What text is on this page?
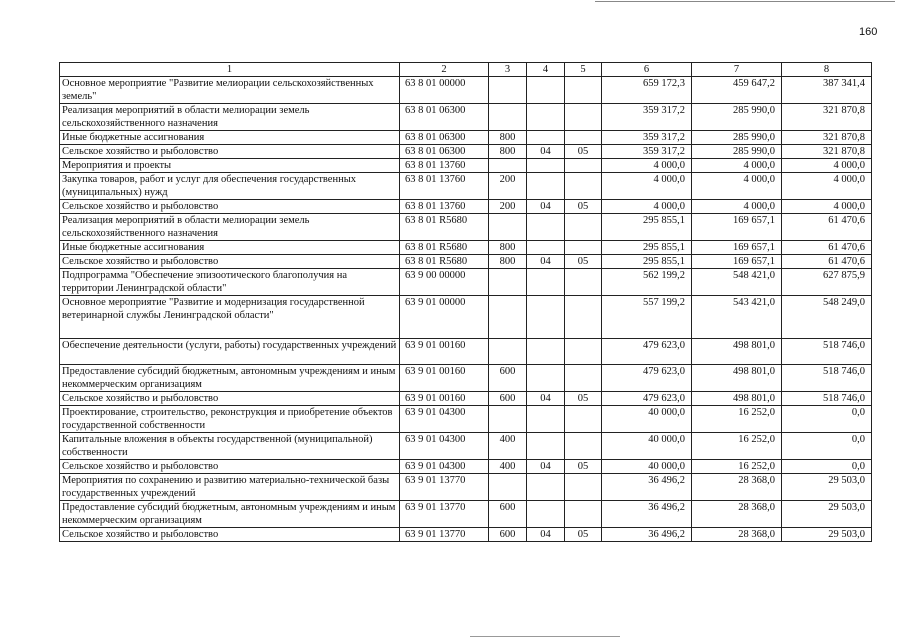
160
1	2	3	4	5	6	7	8
Основное мероприятие "Развитие мелиорации сельскохозяйственных земель"	63 8 01 00000				659 172,3	459 647,2	387 341,4
Реализация мероприятий в области мелиорации земель сельскохозяйственного назначения	63 8 01 06300				359 317,2	285 990,0	321 870,8
Иные бюджетные ассигнования	63 8 01 06300	800			359 317,2	285 990,0	321 870,8
Сельское хозяйство и рыболовство	63 8 01 06300	800	04	05	359 317,2	285 990,0	321 870,8
Мероприятия и проекты	63 8 01 13760				4 000,0	4 000,0	4 000,0
Закупка товаров, работ и услуг для обеспечения государственных (муниципальных) нужд	63 8 01 13760	200			4 000,0	4 000,0	4 000,0
Сельское хозяйство и рыболовство	63 8 01 13760	200	04	05	4 000,0	4 000,0	4 000,0
Реализация мероприятий в области мелиорации земель сельскохозяйственного назначения	63 8 01 R5680				295 855,1	169 657,1	61 470,6
Иные бюджетные ассигнования	63 8 01 R5680	800			295 855,1	169 657,1	61 470,6
Сельское хозяйство и рыболовство	63 8 01 R5680	800	04	05	295 855,1	169 657,1	61 470,6
Подпрограмма "Обеспечение эпизоотического благополучия на территории Ленинградской области"	63 9 00 00000				562 199,2	548 421,0	627 875,9
Основное мероприятие "Развитие и модернизация государственной ветеринарной службы Ленинградской области"	63 9 01 00000				557 199,2	543 421,0	548 249,0
Обеспечение деятельности (услуги, работы) государственных учреждений	63 9 01 00160				479 623,0	498 801,0	518 746,0
Предоставление субсидий бюджетным, автономным учреждениям и иным некоммерческим организациям	63 9 01 00160	600			479 623,0	498 801,0	518 746,0
Сельское хозяйство и рыболовство	63 9 01 00160	600	04	05	479 623,0	498 801,0	518 746,0
Проектирование, строительство, реконструкция и приобретение объектов государственной собственности	63 9 01 04300				40 000,0	16 252,0	0,0
Капитальные вложения в объекты государственной (муниципальной) собственности	63 9 01 04300	400			40 000,0	16 252,0	0,0
Сельское хозяйство и рыболовство	63 9 01 04300	400	04	05	40 000,0	16 252,0	0,0
Мероприятия по сохранению и развитию материально-технической базы государственных учреждений	63 9 01 13770				36 496,2	28 368,0	29 503,0
Предоставление субсидий бюджетным, автономным учреждениям и иным некоммерческим организациям	63 9 01 13770	600			36 496,2	28 368,0	29 503,0
Сельское хозяйство и рыболовство	63 9 01 13770	600	04	05	36 496,2	28 368,0	29 503,0
